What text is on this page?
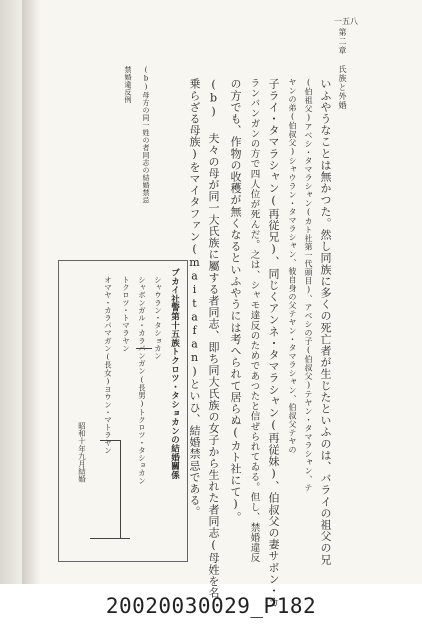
第二章 氏族と外婚
一五八
いふやうなことは無かつた。然し同族に多くの死亡者が生じたといふのは、バライの祖父の兄
(伯祖父)アベシ・タマラシャン(カト社第一代頭目)、アベシの子(伯叔父)テヤン・タマラシャン、テ
ヤンの弟(伯叔父)シャウラン・タマラシャン、彼自身の父テヤン・タマラシャン、伯叔父テヤの
子ライ・タマラシャン(再従兄)、同じくアンネ・タマラシャン(再従妹)、伯叔父の妻サボン・カ
ランバンガンの方で四人位が死んだ。之は、シャモ達反のためであつたと信ぜられてゐる。但し、禁婚違反
の方でも、作物の收穫が無くなるといふやうには考へられて居らぬ(カト社にて)。
(b) 夫々の母が同一大氏族に屬する者同志、即ち同大氏族の女子から生れた者同志(母姓を名
乗らざる母族)をマイタファン(maitafan)といひ、結婚禁忌である。
(b)母方の同一姓の者同志の結婚禁忌
禁婚違反例
ブカイ社警第十五族トクロツ・タショカンの結婚關係
シャウラン・タショカン
シャボンガル・カラパンガン(長男)トクロツ・タショカン
トクロツ・トマラヤン
オマヤ・カラパマガン(長女)ヨウン・マトラヤン
昭和十年九月結婚
20020030029_P182
